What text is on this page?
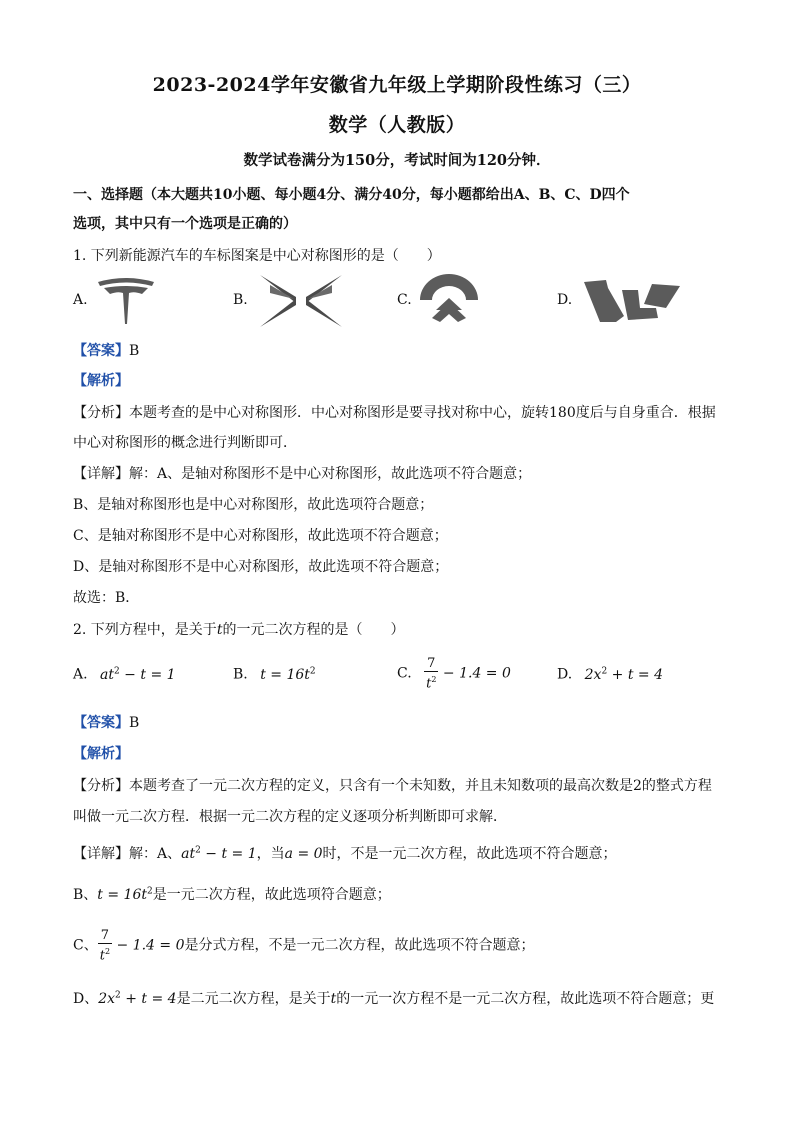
2023-2024学年安徽省九年级上学期阶段性练习（三）
数学（人教版）
数学试卷满分为150分，考试时间为120分钟．
一、选择题（本大题共10小题、每小题4分、满分40分，每小题都给出A、B、C、D四个
选项，其中只有一个选项是正确的）
1. 下列新能源汽车的车标图案是中心对称图形的是（　　）
A.	B.	C.	D.
【答案】B
【解析】
【分析】本题考查的是中心对称图形．中心对称图形是要寻找对称中心，旋转180度后与自身重合．根据
中心对称图形的概念进行判断即可．
【详解】解：A、是轴对称图形不是中心对称图形，故此选项不符合题意；
B、是轴对称图形也是中心对称图形，故此选项符合题意；
C、是轴对称图形不是中心对称图形，故此选项不符合题意；
D、是轴对称图形不是中心对称图形，故此选项不符合题意；
故选：B．
2. 下列方程中，是关于t的一元二次方程的是（　　）
A. $at^2 - t = 1$	B. $t = 16t^2$	C. $\frac{7}{t^2} - 1.4 = 0$	D. $2x^2 + t = 4$
【答案】B
【解析】
【分析】本题考查了一元二次方程的定义，只含有一个未知数，并且未知数项的最高次数是2的整式方程
叫做一元二次方程．根据一元二次方程的定义逐项分析判断即可求解．
【详解】解：A、$at^2 - t = 1$，当a = 0时，不是一元二次方程，故此选项不符合题意；
B、$t = 16t^2$是一元二次方程，故此选项符合题意；
C、 $\frac{7}{t^2} - 1.4 = 0$是分式方程，不是一元二次方程，故此选项不符合题意；
D、$2x^2 + t = 4$是二元二次方程，是关于t的一元一次方程不是一元二次方程，故此选项不符合题意；更
